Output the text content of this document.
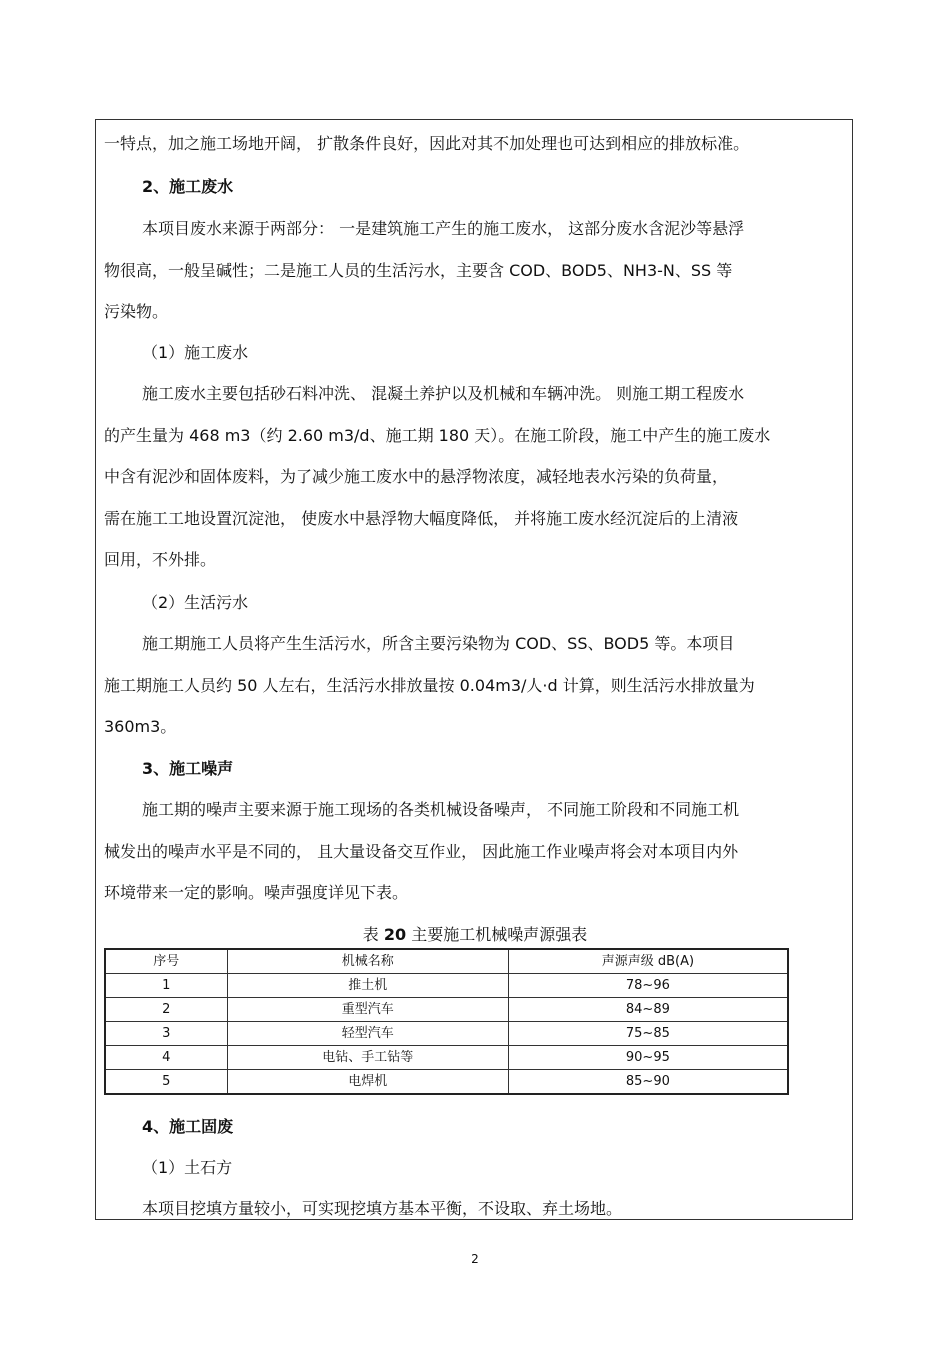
一特点，加之施工场地开阔， 扩散条件良好，因此对其不加处理也可达到相应的排放标准。
2、施工废水
本项目废水来源于两部分： 一是建筑施工产生的施工废水， 这部分废水含泥沙等悬浮
物很高，一般呈碱性；二是施工人员的生活污水，主要含 COD、BOD5、NH3-N、SS 等
污染物。
（1）施工废水
施工废水主要包括砂石料冲洗、 混凝土养护以及机械和车辆冲洗。 则施工期工程废水
的产生量为 468 m3（约 2.60 m3/d、施工期 180 天）。在施工阶段，施工中产生的施工废水
中含有泥沙和固体废料，为了减少施工废水中的悬浮物浓度，减轻地表水污染的负荷量，
需在施工工地设置沉淀池， 使废水中悬浮物大幅度降低， 并将施工废水经沉淀后的上清液
回用，不外排。
（2）生活污水
施工期施工人员将产生生活污水，所含主要污染物为 COD、SS、BOD5 等。本项目
施工期施工人员约 50 人左右，生活污水排放量按 0.04m3/人·d 计算，则生活污水排放量为
360m3。
3、施工噪声
施工期的噪声主要来源于施工现场的各类机械设备噪声， 不同施工阶段和不同施工机
械发出的噪声水平是不同的， 且大量设备交互作业， 因此施工作业噪声将会对本项目内外
环境带来一定的影响。噪声强度详见下表。
表 20 主要施工机械噪声源强表
序号	机械名称	声源声级 dB(A)
1	推土机	78~96
2	重型汽车	84~89
3	轻型汽车	75~85
4	电钻、手工钻等	90~95
5	电焊机	85~90
4、施工固废
（1）土石方
本项目挖填方量较小，可实现挖填方基本平衡，不设取、弃土场地。
2
